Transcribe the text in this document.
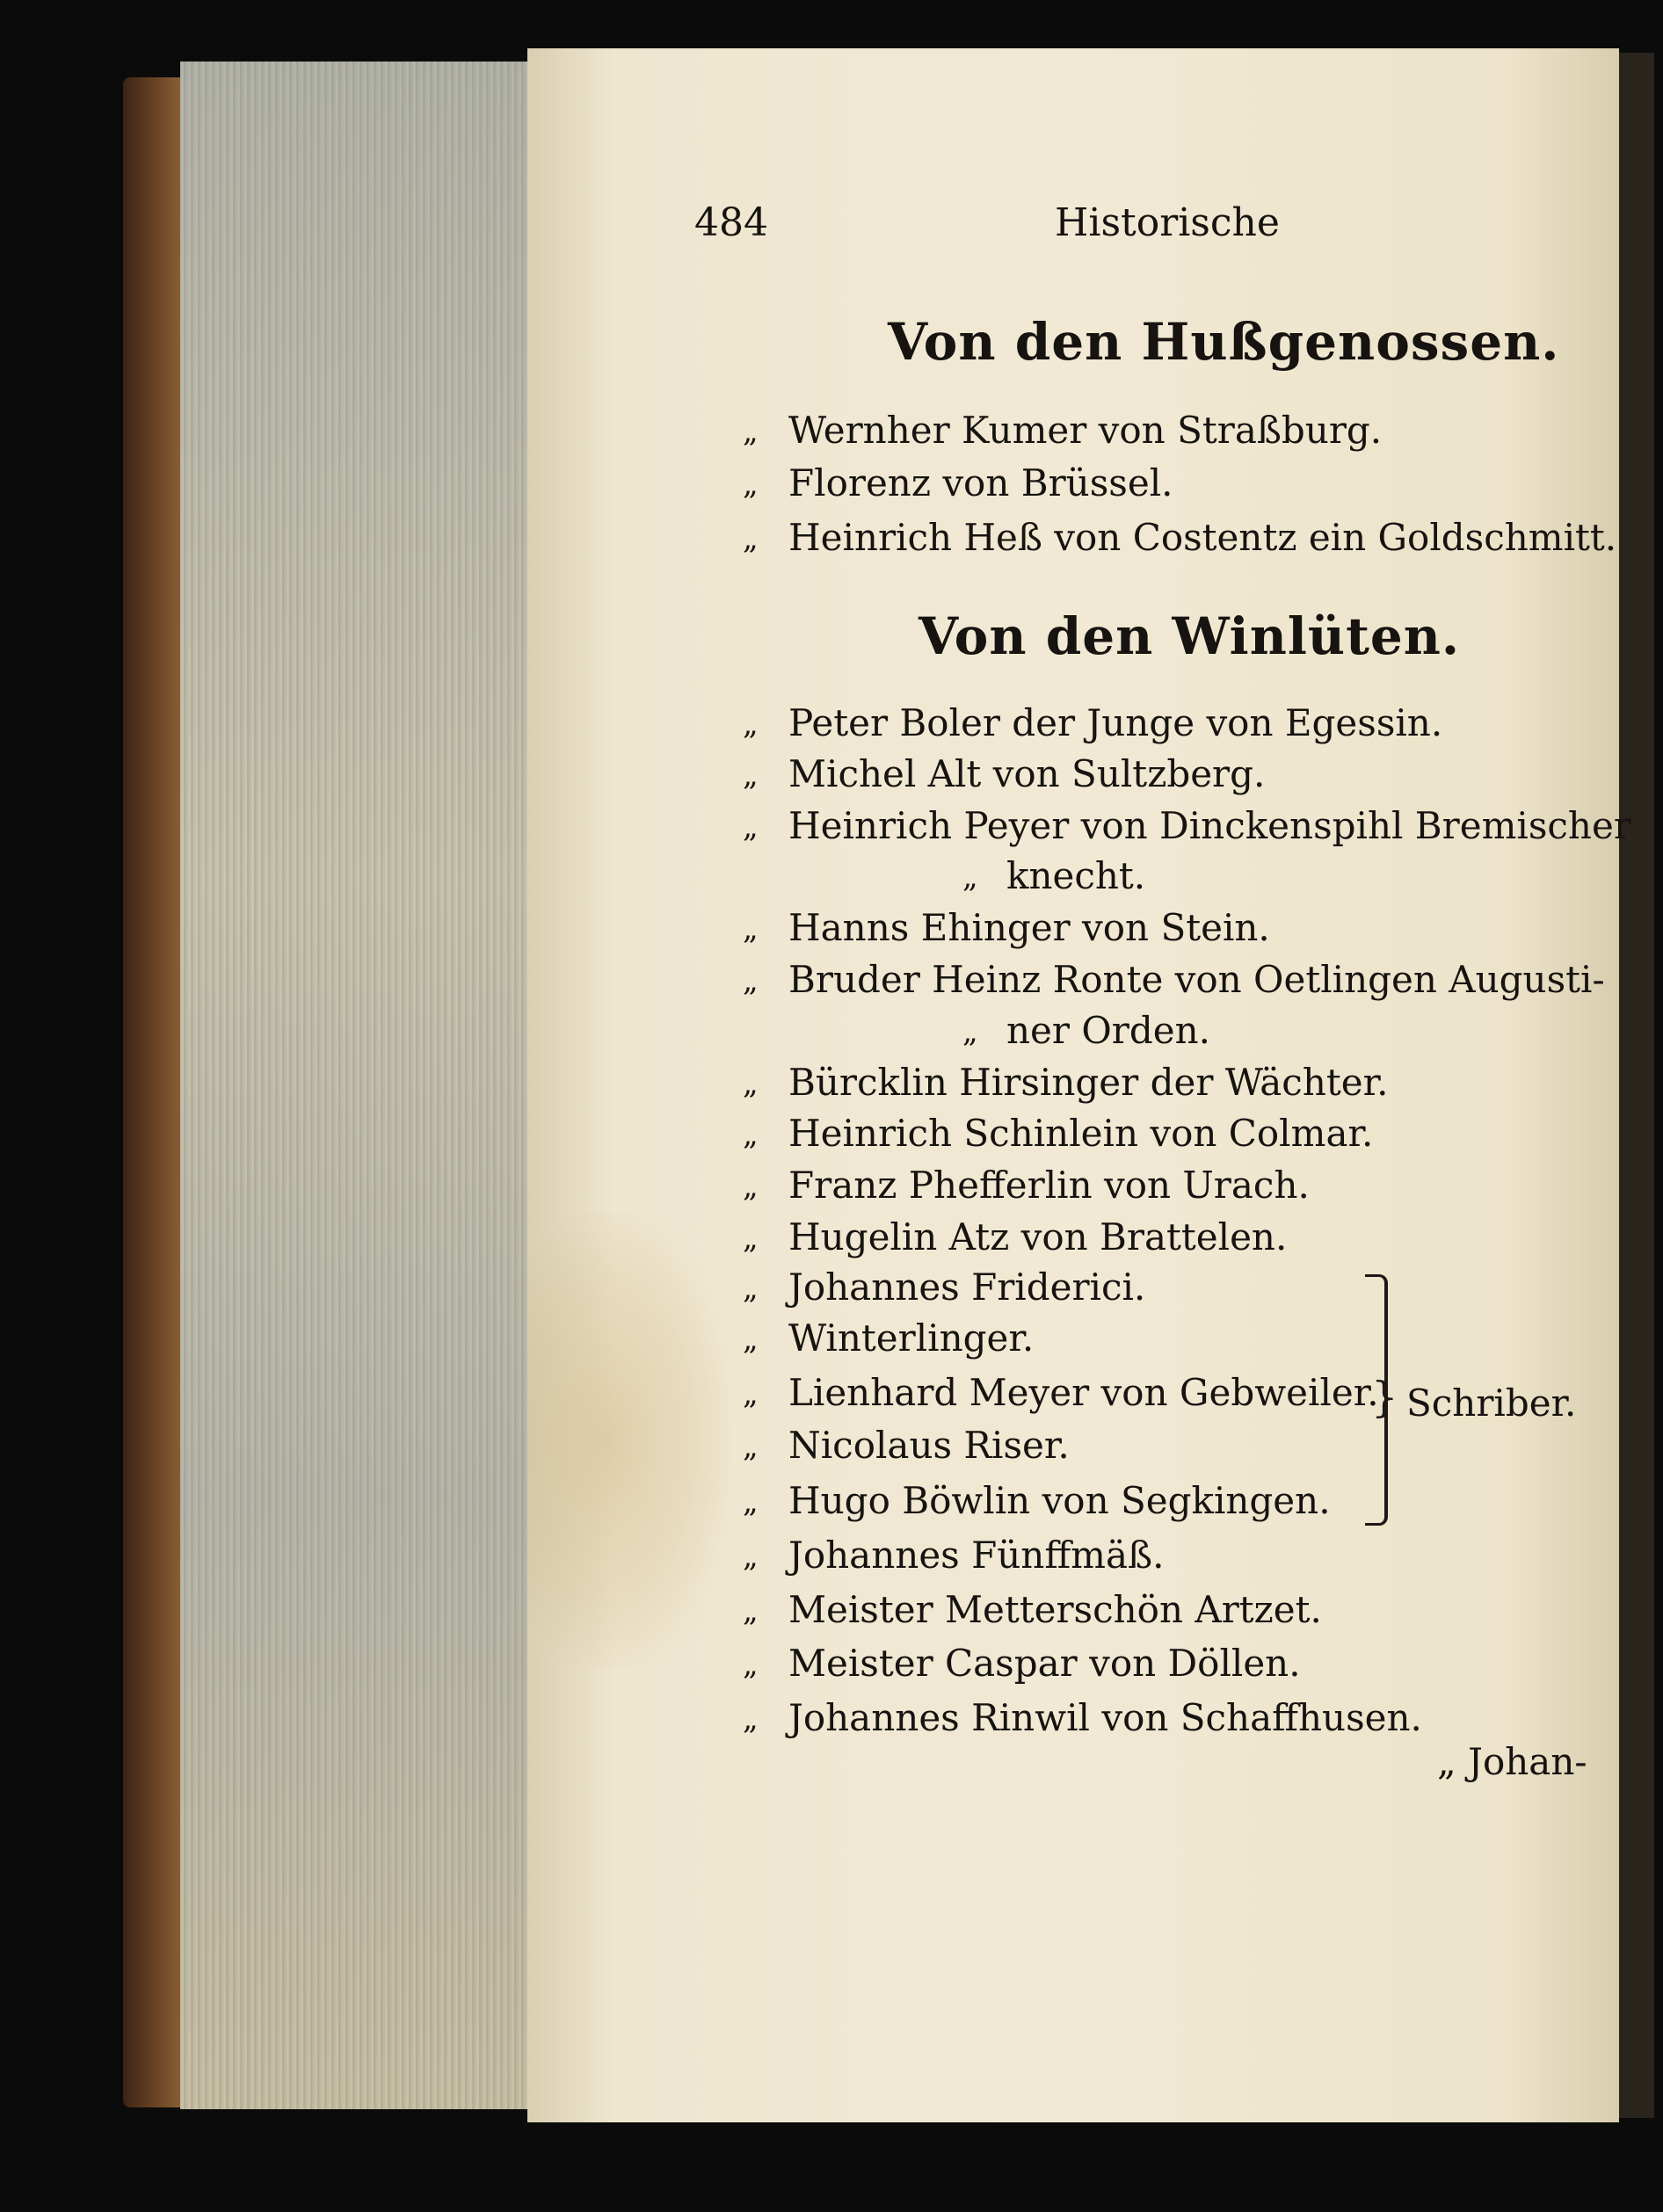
484	Historische
Von den Hußgenossen.
Von den Winlüten.
„ Wernher Kumer von Straßburg.
„ Florenz von Brüssel.
„ Heinrich Heß von Costentz ein Goldschmitt.
„ Peter Boler der Junge von Egessin.
„ Michel Alt von Sultzberg.
„ Heinrich Peyer von Dinckenspihl Bremischer
„ knecht.
„ Hanns Ehinger von Stein.
„ Bruder Heinz Ronte von Oetlingen Augusti-
„ ner Orden.
„ Bürcklin Hirsinger der Wächter.
„ Heinrich Schinlein von Colmar.
„ Franz Phefferlin von Urach.
„ Hugelin Atz von Brattelen.
„ Johannes Friderici.
„ Winterlinger.
„ Lienhard Meyer von Gebweiler.
„ Nicolaus Riser.
„ Hugo Böwlin von Segkingen.
„ Johannes Fünffmäß.
„ Meister Metterschön Artzet.
„ Meister Caspar von Döllen.
„ Johannes Rinwil von Schaffhusen.
} Schriber.
„ Johan-
